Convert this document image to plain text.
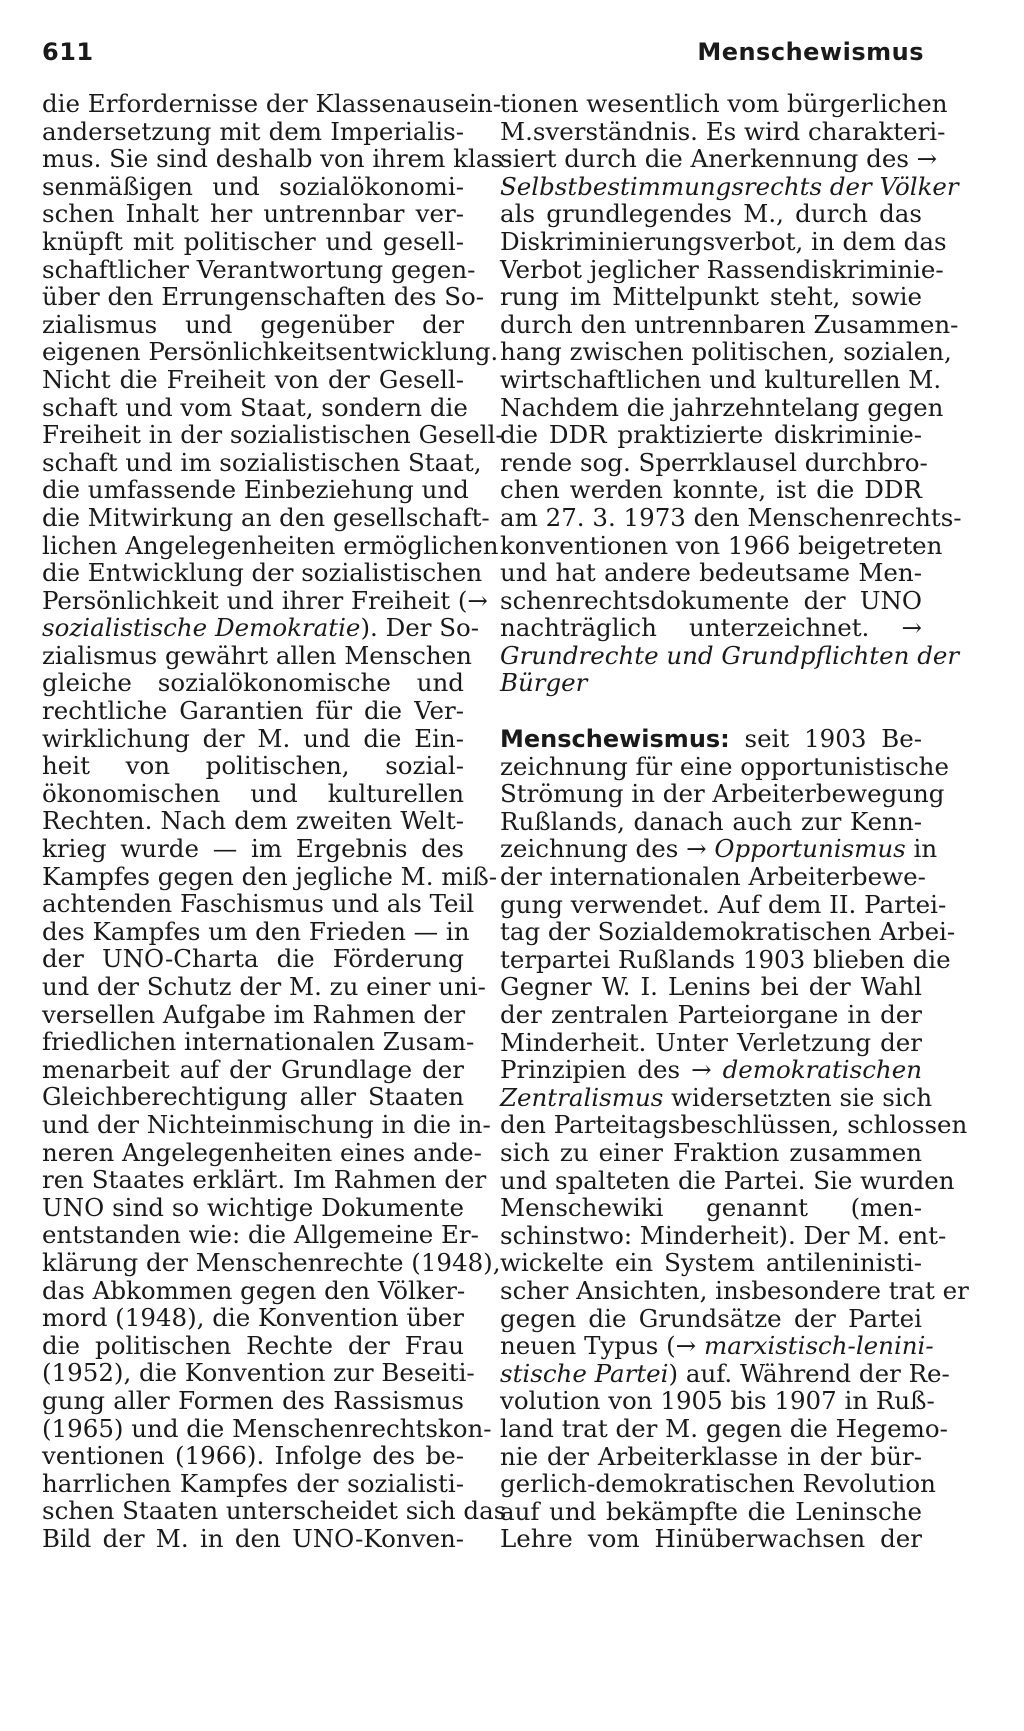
611	Menschewismus
die Erfordernisse der Klassenausein-
andersetzung mit dem Imperialis-
mus. Sie sind deshalb von ihrem klas-
senmäßigen und sozialökonomi-
schen Inhalt her untrennbar ver-
knüpft mit politischer und gesell-
schaftlicher Verantwortung gegen-
über den Errungenschaften des So-
zialismus und gegenüber der
eigenen Persönlichkeitsentwicklung.
Nicht die Freiheit von der Gesell-
schaft und vom Staat, sondern die
Freiheit in der sozialistischen Gesell-
schaft und im sozialistischen Staat,
die umfassende Einbeziehung und
die Mitwirkung an den gesellschaft-
lichen Angelegenheiten ermöglichen
die Entwicklung der sozialistischen
Persönlichkeit und ihrer Freiheit (→
sozialistische Demokratie). Der So-
zialismus gewährt allen Menschen
gleiche sozialökonomische und
rechtliche Garantien für die Ver-
wirklichung der M. und die Ein-
heit von politischen, sozial-
ökonomischen und kulturellen
Rechten. Nach dem zweiten Welt-
krieg wurde — im Ergebnis des
Kampfes gegen den jegliche M. miß-
achtenden Faschismus und als Teil
des Kampfes um den Frieden — in
der UNO-Charta die Förderung
und der Schutz der M. zu einer uni-
versellen Aufgabe im Rahmen der
friedlichen internationalen Zusam-
menarbeit auf der Grundlage der
Gleichberechtigung aller Staaten
und der Nichteinmischung in die in-
neren Angelegenheiten eines ande-
ren Staates erklärt. Im Rahmen der
UNO sind so wichtige Dokumente
entstanden wie: die Allgemeine Er-
klärung der Menschenrechte (1948),
das Abkommen gegen den Völker-
mord (1948), die Konvention über
die politischen Rechte der Frau
(1952), die Konvention zur Beseiti-
gung aller Formen des Rassismus
(1965) und die Menschenrechtskon-
ventionen (1966). Infolge des be-
harrlichen Kampfes der sozialisti-
schen Staaten unterscheidet sich das
Bild der M. in den UNO-Konven-
tionen wesentlich vom bürgerlichen
M.sverständnis. Es wird charakteri-
siert durch die Anerkennung des →
Selbstbestimmungsrechts der Völker
als grundlegendes M., durch das
Diskriminierungsverbot, in dem das
Verbot jeglicher Rassendiskriminie-
rung im Mittelpunkt steht, sowie
durch den untrennbaren Zusammen-
hang zwischen politischen, sozialen,
wirtschaftlichen und kulturellen M.
Nachdem die jahrzehntelang gegen
die DDR praktizierte diskriminie-
rende sog. Sperrklausel durchbro-
chen werden konnte, ist die DDR
am 27. 3. 1973 den Menschenrechts-
konventionen von 1966 beigetreten
und hat andere bedeutsame Men-
schenrechtsdokumente der UNO
nachträglich unterzeichnet. →
Grundrechte und Grundpflichten der
Bürger
Menschewismus: seit 1903 Be-
zeichnung für eine opportunistische
Strömung in der Arbeiterbewegung
Rußlands, danach auch zur Kenn-
zeichnung des → Opportunismus in
der internationalen Arbeiterbewe-
gung verwendet. Auf dem II. Partei-
tag der Sozialdemokratischen Arbei-
terpartei Rußlands 1903 blieben die
Gegner W. I. Lenins bei der Wahl
der zentralen Parteiorgane in der
Minderheit. Unter Verletzung der
Prinzipien des → demokratischen
Zentralismus widersetzten sie sich
den Parteitagsbeschlüssen, schlossen
sich zu einer Fraktion zusammen
und spalteten die Partei. Sie wurden
Menschewiki genannt (men-
schinstwo: Minderheit). Der M. ent-
wickelte ein System antileninisti-
scher Ansichten, insbesondere trat er
gegen die Grundsätze der Partei
neuen Typus (→ marxistisch-lenini-
stische Partei) auf. Während der Re-
volution von 1905 bis 1907 in Ruß-
land trat der M. gegen die Hegemo-
nie der Arbeiterklasse in der bür-
gerlich-demokratischen Revolution
auf und bekämpfte die Leninsche
Lehre vom Hinüberwachsen der
